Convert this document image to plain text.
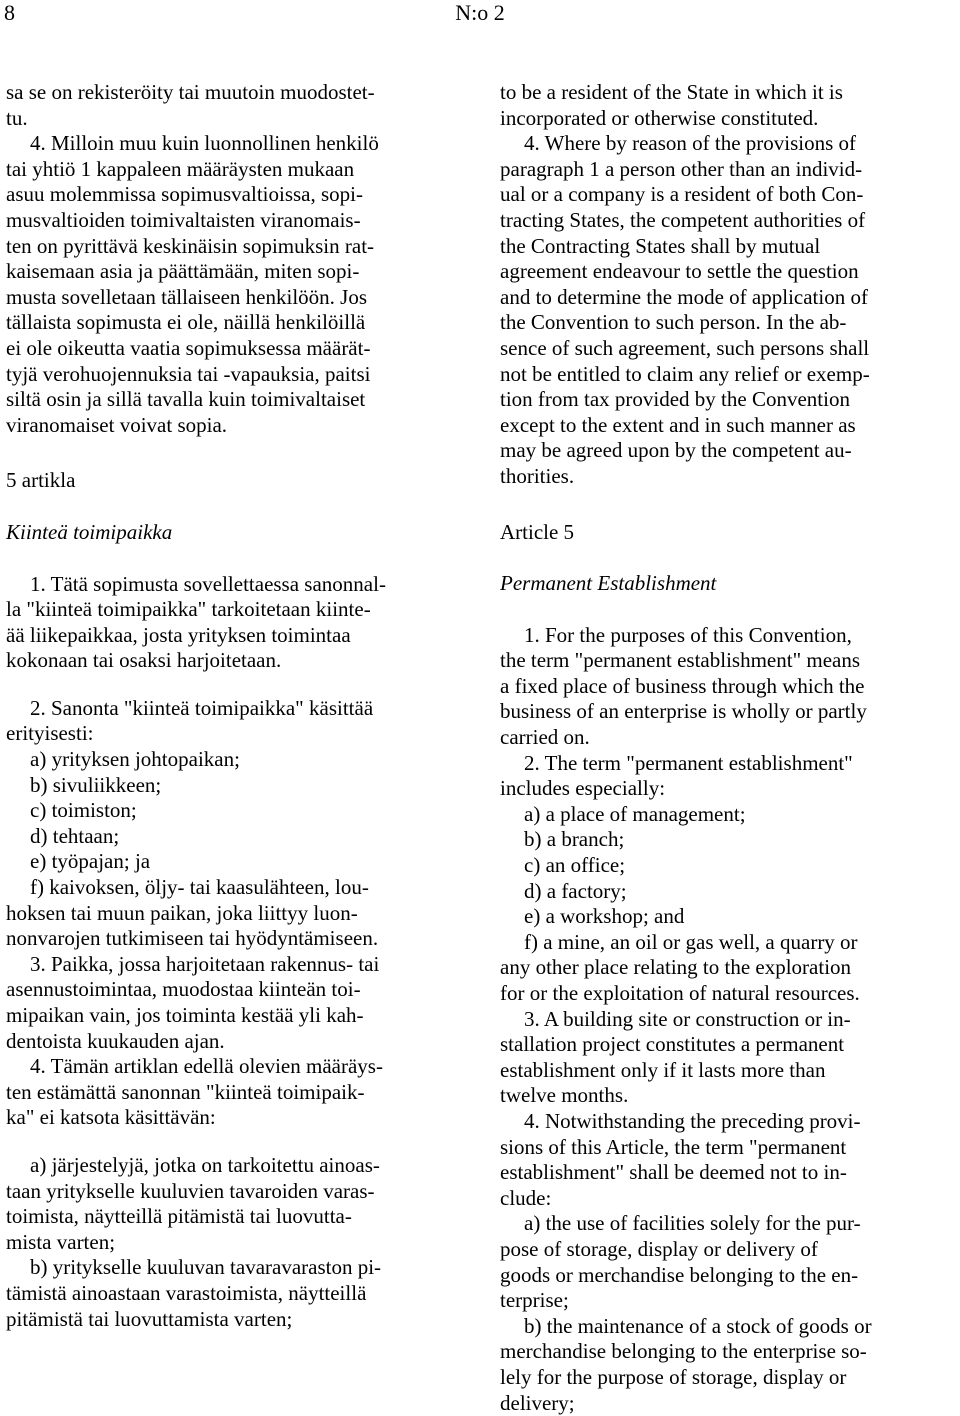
8	N:o 2

sa se on rekisteröity tai muutoin muodostet-
tu.

4. Milloin muu kuin luonnollinen henkilö
tai yhtiö 1 kappaleen määräysten mukaan
asuu molemmissa sopimusvaltioissa, sopi-
musvaltioiden toimivaltaisten viranomais-
ten on pyrittävä keskinäisin sopimuksin rat-
kaisemaan asia ja päättämään, miten sopi-
musta sovelletaan tällaiseen henkilöön. Jos
tällaista sopimusta ei ole, näillä henkilöillä
ei ole oikeutta vaatia sopimuksessa määrät-
tyjä verohuojennuksia tai -vapauksia, paitsi
siltä osin ja sillä tavalla kuin toimivaltaiset
viranomaiset voivat sopia.

5 artikla

Kiinteä toimipaikka

1. Tätä sopimusta sovellettaessa sanonnal-
la "kiinteä toimipaikka" tarkoitetaan kiinte-
ää liikepaikkaa, josta yrityksen toimintaa
kokonaan tai osaksi harjoitetaan.

2. Sanonta "kiinteä toimipaikka" käsittää
erityisesti:

a) yrityksen johtopaikan;
b) sivuliikkeen;
c) toimiston;
d) tehtaan;
e) työpajan; ja

f) kaivoksen, öljy- tai kaasulähteen, lou-
hoksen tai muun paikan, joka liittyy luon-
nonvarojen tutkimiseen tai hyödyntämiseen.

3. Paikka, jossa harjoitetaan rakennus- tai
asennustoimintaa, muodostaa kiinteän toi-
mipaikan vain, jos toiminta kestää yli kah-
dentoista kuukauden ajan.

4. Tämän artiklan edellä olevien määräys-
ten estämättä sanonnan "kiinteä toimipaik-
ka" ei katsota käsittävän:

a) järjestelyjä, jotka on tarkoitettu ainoas-
taan yritykselle kuuluvien tavaroiden varas-
toimista, näytteillä pitämistä tai luovutta-
mista varten;

b) yritykselle kuuluvan tavaravaraston pi-
tämistä ainoastaan varastoimista, näytteillä
pitämistä tai luovuttamista varten;

to be a resident of the State in which it is
incorporated or otherwise constituted.

4. Where by reason of the provisions of
paragraph 1 a person other than an individ-
ual or a company is a resident of both Con-
tracting States, the competent authorities of
the Contracting States shall by mutual
agreement endeavour to settle the question
and to determine the mode of application of
the Convention to such person. In the ab-
sence of such agreement, such persons shall
not be entitled to claim any relief or exemp-
tion from tax provided by the Convention
except to the extent and in such manner as
may be agreed upon by the competent au-
thorities.

Article 5

Permanent Establishment

1. For the purposes of this Convention,
the term "permanent establishment" means
a fixed place of business through which the
business of an enterprise is wholly or partly
carried on.

2. The term "permanent establishment"
includes especially:

a) a place of management;
b) a branch;
c) an office;
d) a factory;
e) a workshop; and

f) a mine, an oil or gas well, a quarry or
any other place relating to the exploration
for or the exploitation of natural resources.

3. A building site or construction or in-
stallation project constitutes a permanent
establishment only if it lasts more than
twelve months.

4. Notwithstanding the preceding provi-
sions of this Article, the term "permanent
establishment" shall be deemed not to in-
clude:

a) the use of facilities solely for the pur-
pose of storage, display or delivery of
goods or merchandise belonging to the en-
terprise;

b) the maintenance of a stock of goods or
merchandise belonging to the enterprise so-
lely for the purpose of storage, display or
delivery;
